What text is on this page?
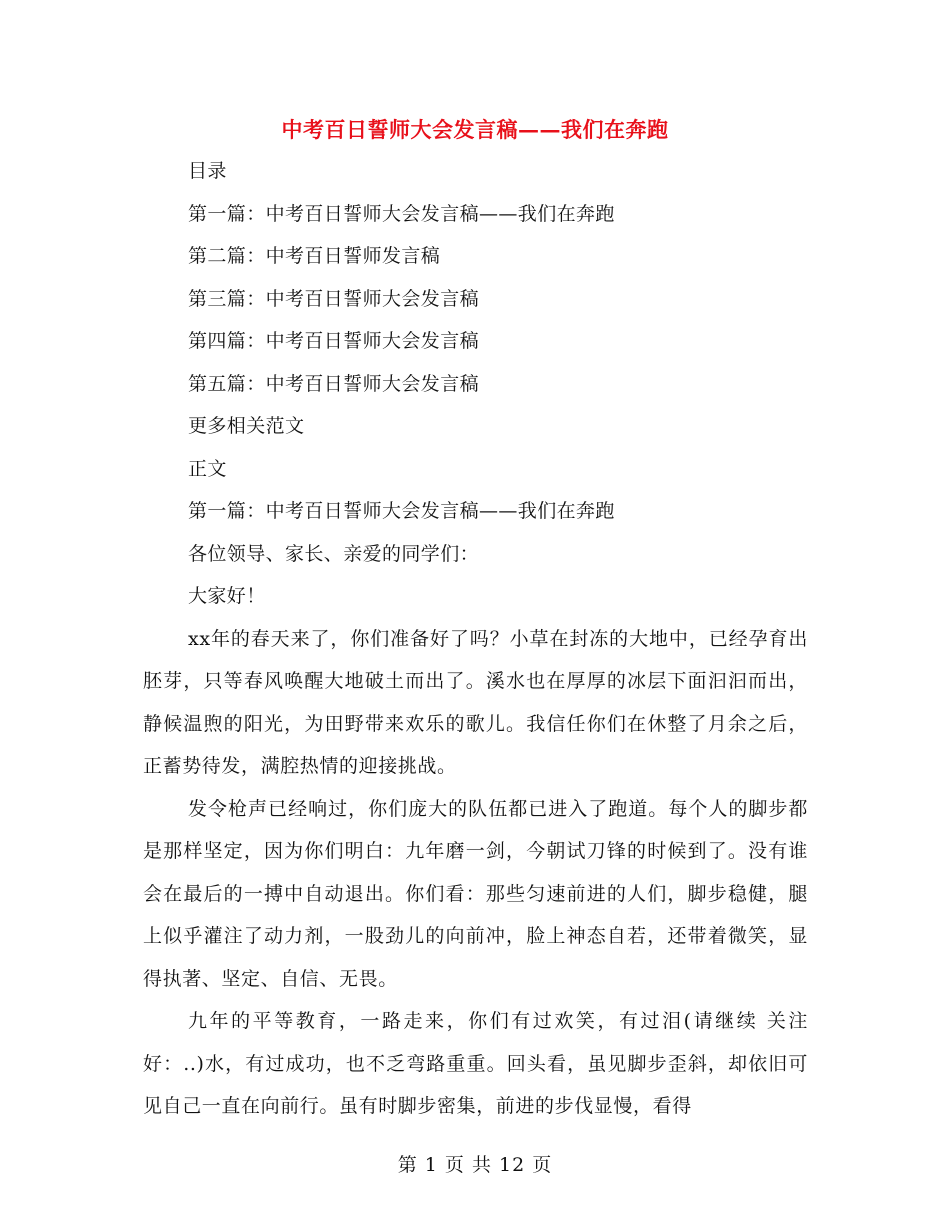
中考百日誓师大会发言稿——我们在奔跑
目录
第一篇：中考百日誓师大会发言稿——我们在奔跑
第二篇：中考百日誓师发言稿
第三篇：中考百日誓师大会发言稿
第四篇：中考百日誓师大会发言稿
第五篇：中考百日誓师大会发言稿
更多相关范文
正文
第一篇：中考百日誓师大会发言稿——我们在奔跑
各位领导、家长、亲爱的同学们：
大家好！

xx年的春天来了，你们准备好了吗？小草在封冻的大地中，已经孕育出胚芽，只等春风唤醒大地破土而出了。溪水也在厚厚的冰层下面汩汩而出，静候温煦的阳光，为田野带来欢乐的歌儿。我信任你们在休整了月余之后，正蓄势待发，满腔热情的迎接挑战。

发令枪声已经响过，你们庞大的队伍都已进入了跑道。每个人的脚步都是那样坚定，因为你们明白：九年磨一剑，今朝试刀锋的时候到了。没有谁会在最后的一搏中自动退出。你们看：那些匀速前进的人们，脚步稳健，腿上似乎灌注了动力剂，一股劲儿的向前冲，脸上神态自若，还带着微笑，显得执著、坚定、自信、无畏。

九年的平等教育，一路走来，你们有过欢笑，有过泪(请继续 关注好：..)水，有过成功，也不乏弯路重重。回头看，虽见脚步歪斜，却依旧可见自己一直在向前行。虽有时脚步密集，前进的步伐显慢，看得

第 1 页 共 12 页
